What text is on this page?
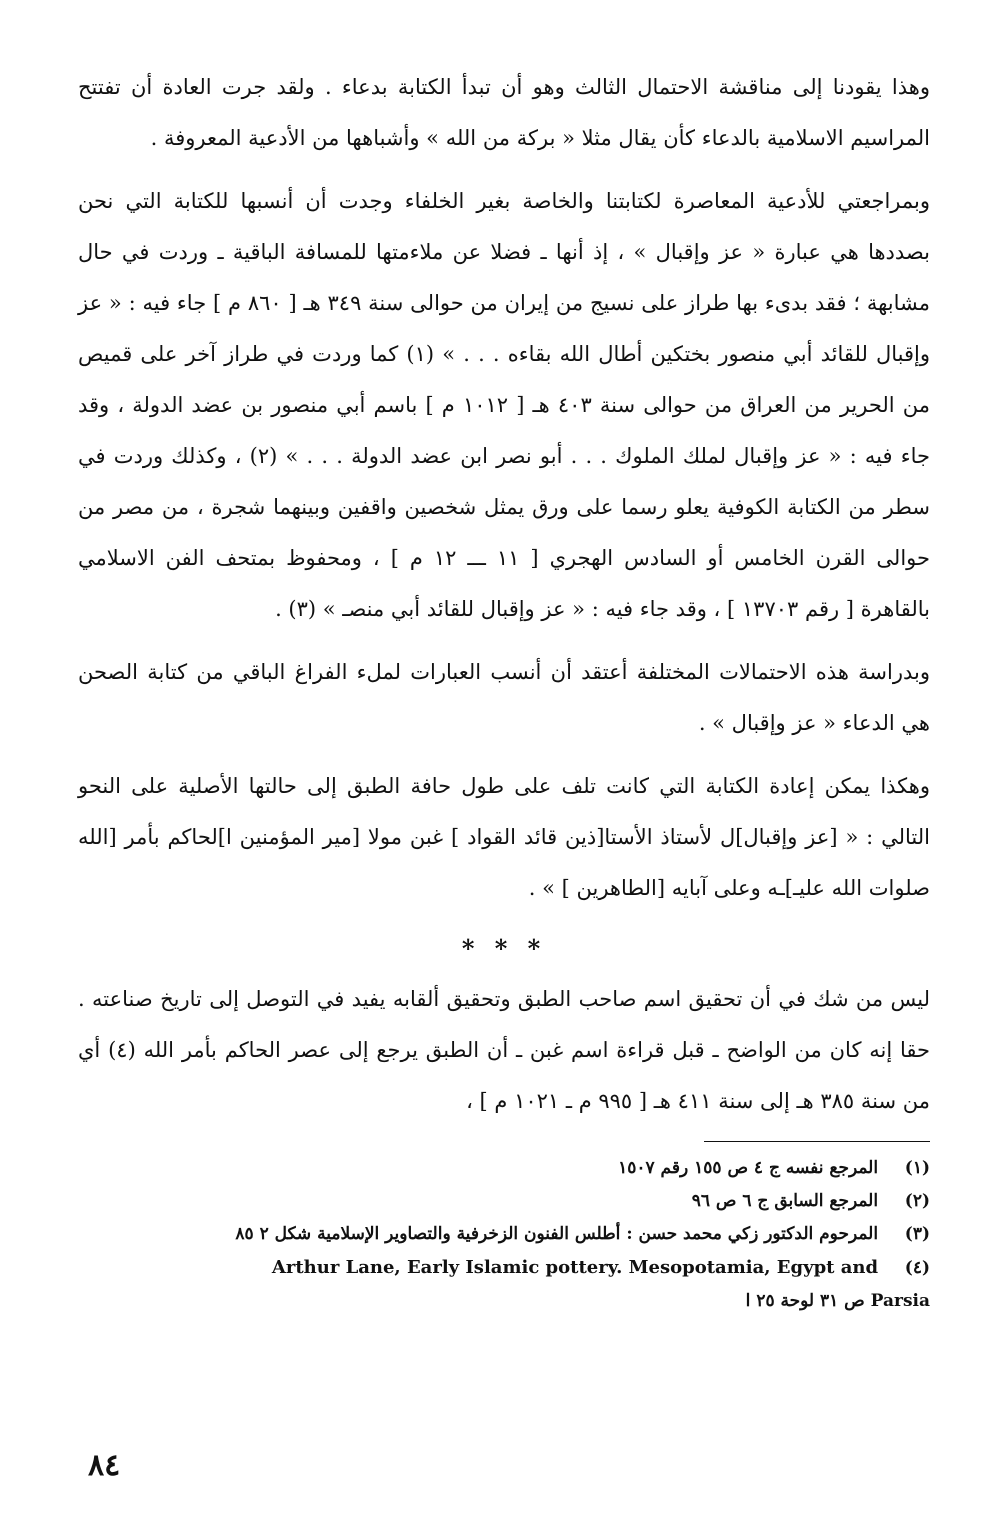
وهذا يقودنا إلى مناقشة الاحتمال الثالث وهو أن تبدأ الكتابة بدعاء . ولقد جرت العادة أن تفتتح المراسيم الاسلامية بالدعاء كأن يقال مثلا « بركة من الله » وأشباهها من الأدعية المعروفة .

وبمراجعتي للأدعية المعاصرة لكتابتنا والخاصة بغير الخلفاء وجدت أن أنسبها للكتابة التي نحن بصددها هي عبارة « عز وإقبال » ، إذ أنها ـ فضلا عن ملاءمتها للمسافة الباقية ـ وردت في حال مشابهة ؛ فقد بدىء بها طراز على نسيج من إيران من حوالى سنة ٣٤٩ هـ [ ٨٦٠ م ] جاء فيه : « عز وإقبال للقائد أبي منصور بختكين أطال الله بقاءه . . . » (١) كما وردت في طراز آخر على قميص من الحرير من العراق من حوالى سنة ٤٠٣ هـ [ ١٠١٢ م ] باسم أبي منصور بن عضد الدولة ، وقد جاء فيه : « عز وإقبال لملك الملوك . . . أبو نصر ابن عضد الدولة . . . » (٢) ، وكذلك وردت في سطر من الكتابة الكوفية يعلو رسما على ورق يمثل شخصين واقفين وبينهما شجرة ، من مصر من حوالى القرن الخامس أو السادس الهجري [ ١١ ـــ ١٢ م ] ، ومحفوظ بمتحف الفن الاسلامي بالقاهرة [ رقم ١٣٧٠٣ ] ، وقد جاء فيه : « عز وإقبال للقائد أبي منصـ » (٣) .

وبدراسة هذه الاحتمالات المختلفة أعتقد أن أنسب العبارات لملء الفراغ الباقي من كتابة الصحن هي الدعاء « عز وإقبال » .

وهكذا يمكن إعادة الكتابة التي كانت تلف على طول حافة الطبق إلى حالتها الأصلية على النحو التالي : « [عز وإقبال]ل لأستاذ الأستا[ذين قائد القواد ] غبن مولا [مير المؤمنين ا]لحاكم بأمر [الله صلوات الله عليـ]ـه وعلى آبايه [الطاهرين ] » .

* * *

ليس من شك في أن تحقيق اسم صاحب الطبق وتحقيق ألقابه يفيد في التوصل إلى تاريخ صناعته . حقا إنه كان من الواضح ـ قبل قراءة اسم غبن ـ أن الطبق يرجع إلى عصر الحاكم بأمر الله (٤) أي من سنة ٣٨٥ هـ إلى سنة ٤١١ هـ [ ٩٩٥ م ـ ١٠٢١ م ] ،

(١) المرجع نفسه ج ٤ ص ١٥٥ رقم ١٥٠٧
(٢) المرجع السابق ج ٦ ص ٩٦
(٣) المرحوم الدكتور زكي محمد حسن : أطلس الفنون الزخرفية والتصاوير الإسلامية شكل ٢ ٨٥
(٤) Arthur Lane, Early Islamic pottery. Mesopotamia, Egypt and
Parsia ص ٣١ لوحة ٢٥ ا
٨٤
